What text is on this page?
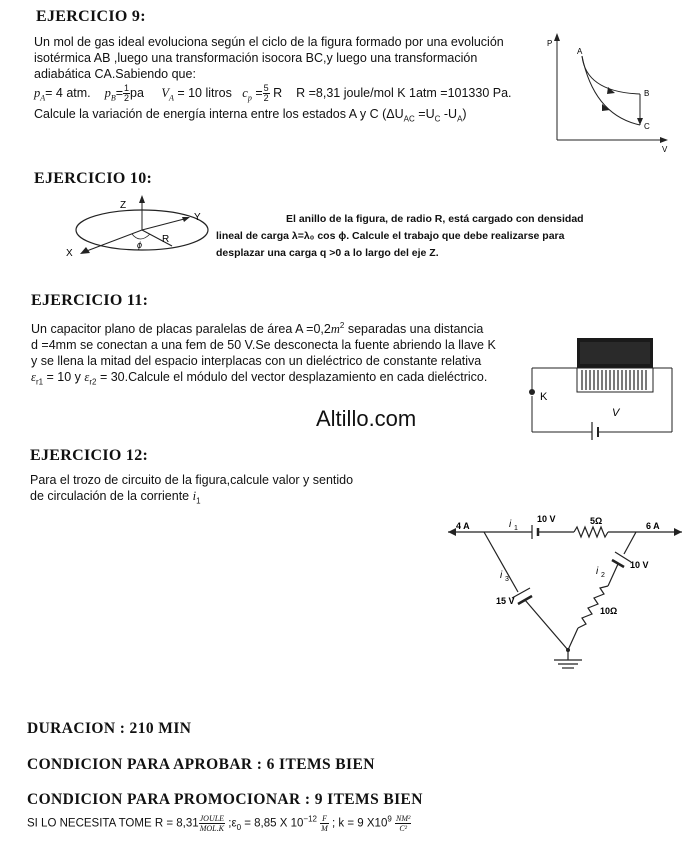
EJERCICIO 9:
Un mol de gas ideal evoluciona según el ciclo de la figura formado por una evolución
isotérmica AB ,luego una transformación isocora BC,y luego una transformación
adiabática CA.Sabiendo que:
$p_A= 4$ atm. $p_B= \frac{1}{2}$ pa $V_A = 10$ litros $c_p = \frac{5}{2}$ R R =8,31 joule/mol K 1atm =101330 Pa.
Calcule la variación de energía interna entre los estados A y C ($\Delta U_{AC} =U_C$ $-U_A$)
P
V
A
B
C
EJERCICIO 10:
Z
Y
X
R
ϕ
El anillo de la figura, de radio R, está cargado con densidad
lineal de carga λ=λ₀ cos ϕ. Calcule el trabajo que debe realizarse para
desplazar una carga q >0 a lo largo del eje Z.
EJERCICIO 11:
Un capacitor plano de placas paralelas de área $A =0,2m^2$ separadas una distancia
d =4mm se conectan a una fem de 50 V.Se desconecta la fuente abriendo la llave K
y se llena la mitad del espacio interplacas con un dieléctrico de constante relativa
$\varepsilon_{r1} = 10$ y $\varepsilon_{r2}$ = 30.Calcule el módulo del vector desplazamiento en cada dieléctrico.
K
V
Altillo.com
EJERCICIO 12:
Para el trozo de circuito de la figura,calcule valor y sentido
de circulación de la corriente $i_1$
4 A	6 A
i 1
10 V	5Ω
10 V
i 2
i 3
15 V
10Ω
DURACION : 210 MIN
CONDICION PARA APROBAR : 6 ITEMS BIEN
CONDICION PARA PROMOCIONAR : 9 ITEMS BIEN
SI LO NECESITA TOME R = 8,31 JOULE
MOL.K $;\varepsilon_0 = 8,85$ X $10^{-12} \frac{F}{M}$ ; k = 9 $X10^9 \frac{\text{NM²}}{\text{C²}}$
